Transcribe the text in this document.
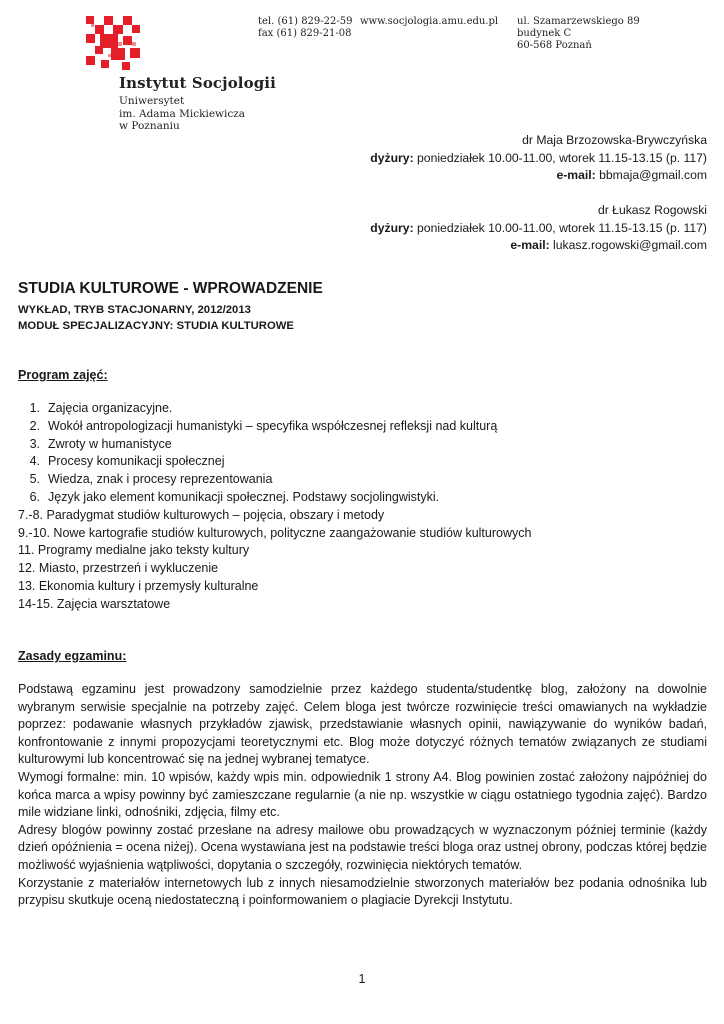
Instytut Socjologii
Uniwersytet
im. Adama Mickiewicza
w Poznaniu
tel. (61) 829-22-59
fax (61) 829-21-08
www.socjologia.amu.edu.pl ul. Szamarzewskiego 89
budynek C
60-568 Poznań
dr Maja Brzozowska-Brywczyńska
dyżury: poniedziałek 10.00-11.00, wtorek 11.15-13.15 (p. 117)
e-mail: bbmaja@gmail.com
dr Łukasz Rogowski
dyżury: poniedziałek 10.00-11.00, wtorek 11.15-13.15 (p. 117)
e-mail: lukasz.rogowski@gmail.com
STUDIA KULTUROWE - WPROWADZENIE
WYKŁAD, TRYB STACJONARNY, 2012/2013
MODUŁ SPECJALIZACYJNY: STUDIA KULTUROWE
Program zajęć:
1. Zajęcia organizacyjne.
2. Wokół antropologizacji humanistyki – specyfika współczesnej refleksji nad kulturą
3. Zwroty w humanistyce
4. Procesy komunikacji społecznej
5. Wiedza, znak i procesy reprezentowania
6. Język jako element komunikacji społecznej. Podstawy socjolingwistyki.
7.-8. Paradygmat studiów kulturowych – pojęcia, obszary i metody
9.-10. Nowe kartografie studiów kulturowych, polityczne zaangażowanie studiów kulturowych
11. Programy medialne jako teksty kultury
12. Miasto, przestrzeń i wykluczenie
13. Ekonomia kultury i przemysły kulturalne
14-15. Zajęcia warsztatowe
Zasady egzaminu:

Podstawą egzaminu jest prowadzony samodzielnie przez każdego studenta/studentkę blog, założony na dowolnie wybranym serwisie specjalnie na potrzeby zajęć. Celem bloga jest twórcze rozwinięcie treści omawianych na wykładzie poprzez: podawanie własnych przykładów zjawisk, przedstawianie własnych opinii, nawiązywanie do wyników badań, konfrontowanie z innymi propozycjami teoretycznymi etc. Blog może dotyczyć różnych tematów związanych ze studiami kulturowymi lub koncentrować się na jednej wybranej tematyce.

Wymogi formalne: min. 10 wpisów, każdy wpis min. odpowiednik 1 strony A4. Blog powinien zostać założony najpóźniej do końca marca a wpisy powinny być zamieszczane regularnie (a nie np. wszystkie w ciągu ostatniego tygodnia zajęć). Bardzo mile widziane linki, odnośniki, zdjęcia, filmy etc.

Adresy blogów powinny zostać przesłane na adresy mailowe obu prowadzących w wyznaczonym później terminie (każdy dzień opóźnienia = ocena niżej). Ocena wystawiana jest na podstawie treści bloga oraz ustnej obrony, podczas której będzie możliwość wyjaśnienia wątpliwości, dopytania o szczegóły, rozwinięcia niektórych tematów.

Korzystanie z materiałów internetowych lub z innych niesamodzielnie stworzonych materiałów bez podania odnośnika lub przypisu skutkuje oceną niedostateczną i poinformowaniem o plagiacie Dyrekcji Instytutu.

1
